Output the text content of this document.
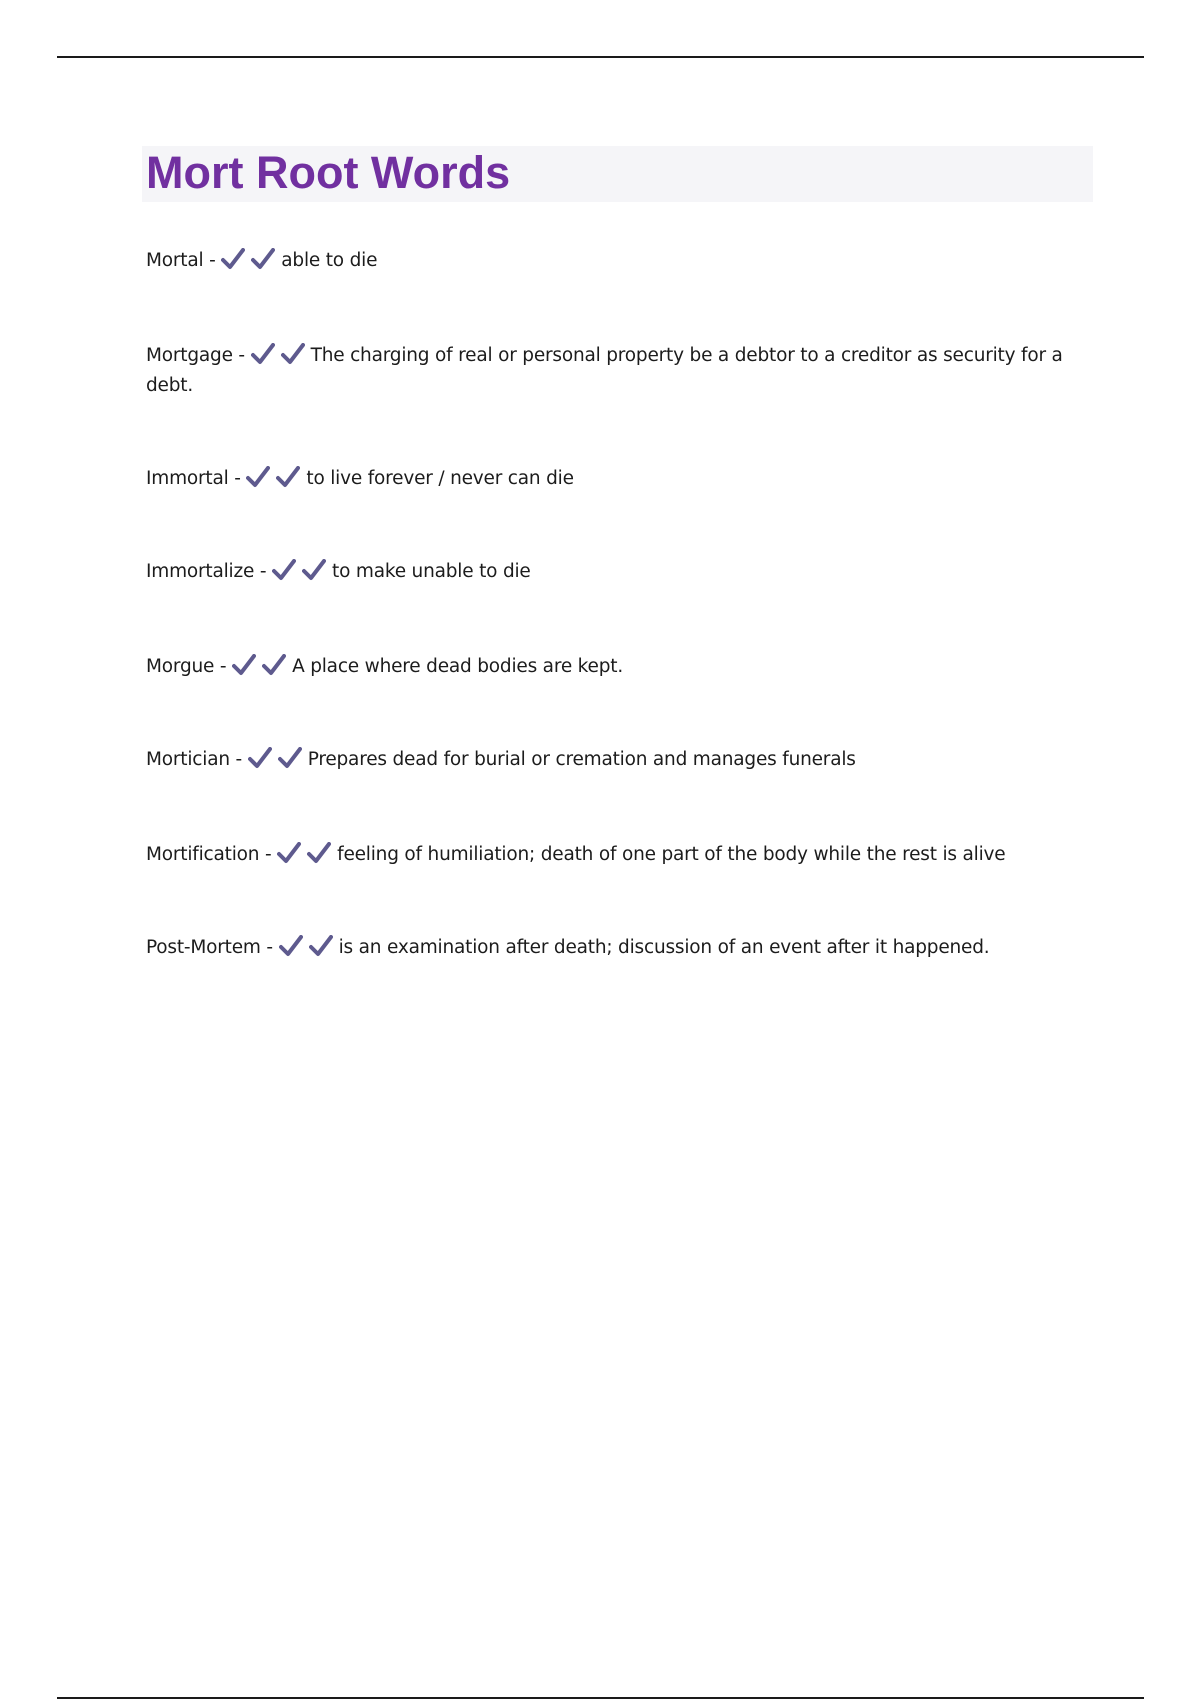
Mort Root Words

Mortal -	able to die

Mortgage -	The charging of real or personal property be a debtor to a creditor as security for a debt.

Immortal -	to live forever / never can die

Immortalize -	to make unable to die

Morgue -	A place where dead bodies are kept.

Mortician -	Prepares dead for burial or cremation and manages funerals

Mortification -	feeling of humiliation; death of one part of the body while the rest is alive

Post-Mortem -	is an examination after death; discussion of an event after it happened.
